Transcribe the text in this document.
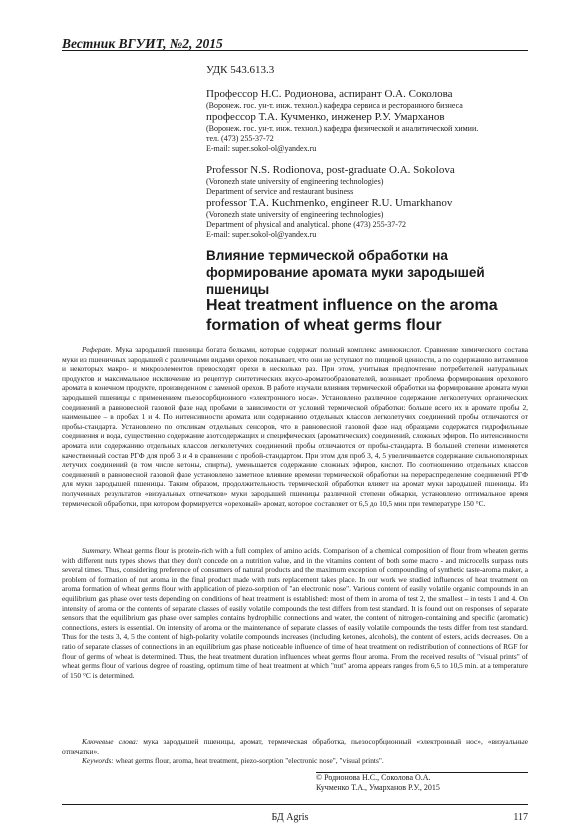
Вестник ВГУИТ, №2, 2015
УДК 543.613.3
Профессор Н.С. Родионова, аспирант О.А. Соколова
(Воронеж. гос. ун-т. инж. технол.) кафедра сервиса и ресторанного бизнеса
профессор Т.А. Кучменко, инженер Р.У. Умарханов
(Воронеж. гос. ун-т. инж. технол.) кафедра физической и аналитической химии.
тел. (473) 255-37-72
E-mail: super.sokol-ol@yandex.ru
Professor N.S. Rodionova, post-graduate O.A. Sokolova
(Voronezh state university of engineering technologies)
Department of service and restaurant business
professor T.A. Kuchmenko, engineer R.U. Umarkhanov
(Voronezh state university of engineering technologies)
Department of physical and analytical. phone (473) 255-37-72
E-mail: super.sokol-ol@yandex.ru
Влияние термической обработки на формирование аромата муки зародышей пшеницы
Heat treatment influence on the aroma formation of wheat germs flour

Реферат. Мука зародышей пшеницы богата белками, которые содержат полный комплекс аминокислот. Сравнение химического состава муки из пшеничных зародышей с различными видами орехов показывает, что они не уступают по пищевой ценности, а по содержанию витаминов и некоторых макро- и микроэлементов превосходят орехи в несколько раз. При этом, учитывая предпочтение потребителей натуральных продуктов и максимальное исключение из рецептур синтетических вкусо-ароматообразователей, возникает проблема формирования орехового аромата в конечном продукте, произведенном с заменой орехов. В работе изучали влияния термической обработки на формирование аромата муки зародышей пшеницы с применением пьезосорбционного «электронного носа». Установлено различное содержание легколетучих органических соединений в равновесной газовой фазе над пробами в зависимости от условий термической обработки: больше всего их в аромате пробы 2, наименьшее – в пробах 1 и 4. По интенсивности аромата или содержанию отдельных классов легколетучих соединений пробы отличаются от пробы-стандарта. Установлено по откликам отдельных сенсоров, что в равновесной газовой фазе над образцами содержатся гидрофильные соединения и вода, существенно содержание азотсодержащих и специфических (ароматических) соединений, сложных эфиров. По интенсивности аромата или содержанию отдельных классов легколетучих соединений пробы отличаются от пробы-стандарта. В большей степени изменяется качественный состав РГФ для проб 3 и 4 в сравнении с пробой-стандартом. При этом для проб 3, 4, 5 увеличивается содержание сильнополярных летучих соединений (в том числе кетоны, спирты), уменьшается содержание сложных эфиров, кислот. По соотношению отдельных классов соединений в равновесной газовой фазе установлено заметное влияние времени термической обработки на перераспределение соединений РГФ для муки зародышей пшеницы. Таким образом, продолжительность термической обработки влияет на аромат муки зародышей пшеницы. Из полученных результатов «визуальных отпечатков» муки зародышей пшеницы различной степени обжарки, установлено оптимальное время термической обработки, при котором формируется «ореховый» аромат, которое составляет от 6,5 до 10,5 мин при температуре 150 °С.

Summary. Wheat germs flour is protein-rich with a full complex of amino acids. Comparison of a chemical composition of flour from wheaten germs with different nuts types shows that they don't concede on a nutrition value, and in the vitamins content of both some macro - and microcells surpass nuts several times. Thus, considering preference of consumers of natural products and the maximum exception of compounding of synthetic taste-aroma maker, a problem of formation of nut aroma in the final product made with nuts replacement takes place. In our work we studied influences of heat treatment on aroma formation of wheat germs flour with application of piezo-sorption of "an electronic nose". Various content of easily volatile organic compounds in an equilibrium gas phase over tests depending on conditions of heat treatment is established: most of them in aroma of test 2, the smallest – in tests 1 and 4. On intensity of aroma or the contents of separate classes of easily volatile compounds the test differs from test standard. It is found out on responses of separate sensors that the equilibrium gas phase over samples contains hydrophilic connections and water, the content of nitrogen-containing and specific (aromatic) connections, esters is essential. On intensity of aroma or the maintenance of separate classes of easily volatile compounds the tests differ from test standard. Thus for the tests 3, 4, 5 the content of high-polarity volatile compounds increases (including ketones, alcohols), the content of esters, acids decreases. On a ratio of separate classes of connections in an equilibrium gas phase noticeable influence of time of heat treatment on redistribution of connections of RGF for flour of germs of wheat is determined. Thus, the heat treatment duration influences wheat germs flour aroma. From the received results of "visual prints" of wheat germs flour of various degree of roasting, optimum time of heat treatment at which "nut" aroma appears ranges from 6,5 to 10,5 min. at a temperature of 150 °C is determined.

Ключевые слова: мука зародышей пшеницы, аромат, термическая обработка, пьезосорбционный «электронный нос», «визуальные отпечатки».

Keywords: wheat germs flour, aroma, heat treatment, piezo-sorption "electronic nose", "visual prints".

© Родионова Н.С., Соколова О.А.
Кучменко Т.А., Умарханов Р.У., 2015
БД Agris	117
